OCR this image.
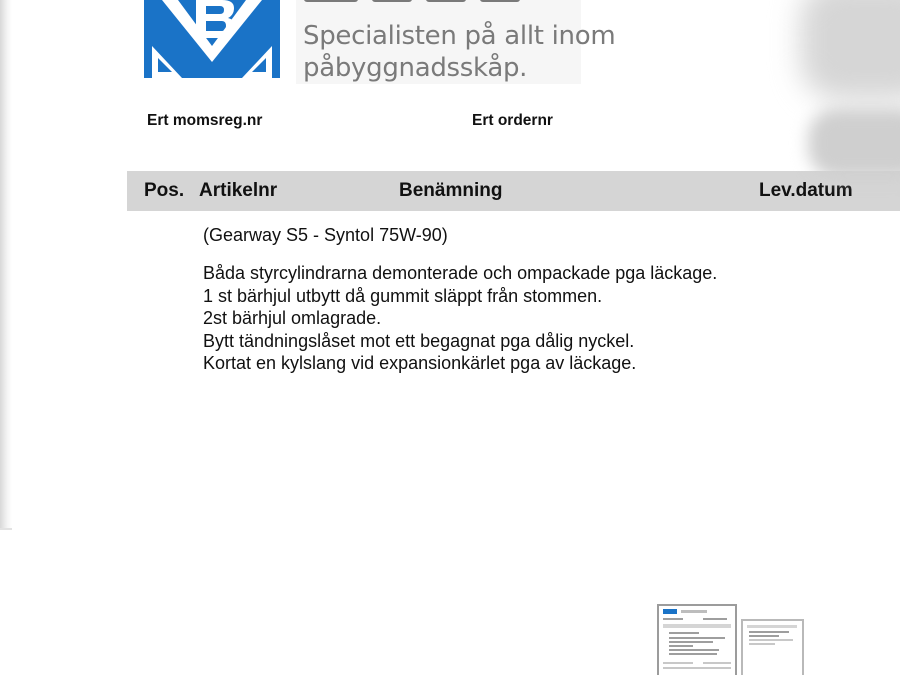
Specialisten på allt inom
påbyggnadsskåp.
Ert momsreg.nr	Ert ordernr
Pos. Artikelnr	Benämning	Lev.datum
(Gearway S5 - Syntol 75W-90)
Båda styrcylindrarna demonterade och ompackade pga läckage.
1 st bärhjul utbytt då gummit släppt från stommen.
2st bärhjul omlagrade.
Bytt tändningslåset mot ett begagnat pga dålig nyckel.
Kortat en kylslang vid expansionkärlet pga av läckage.
